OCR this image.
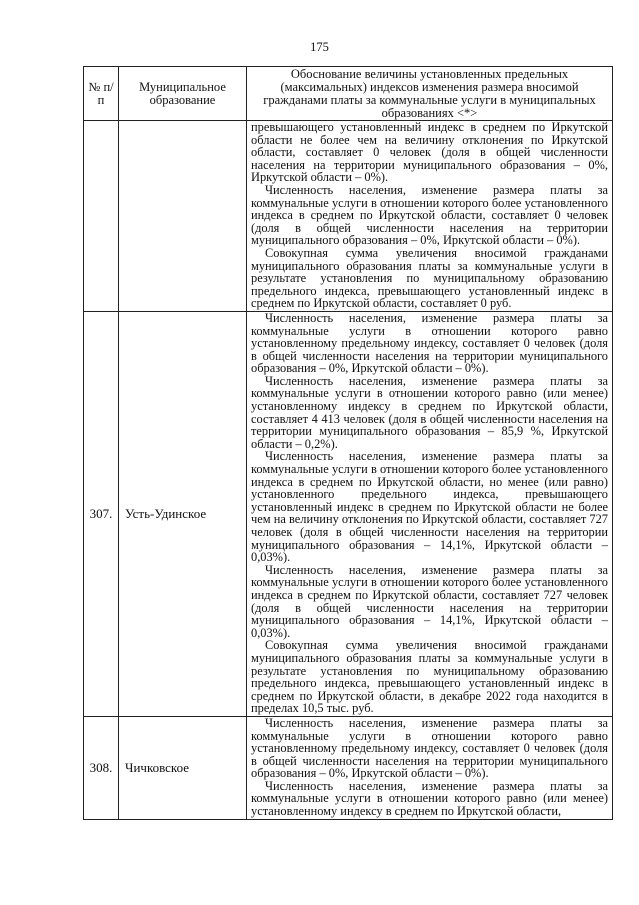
175
№ п/п	Муниципальное образование	Обоснование величины установленных предельных (максимальных) индексов изменения размера вносимой гражданами платы за коммунальные услуги в муниципальных образованиях <*>

		превышающего установленный индекс в среднем по Иркутской области не более чем на величину отклонения по Иркутской области, составляет 0 человек (доля в общей численности населения на территории муниципального образования – 0%, Иркутской области – 0%).

Численность населения, изменение размера платы за коммунальные услуги в отношении которого более установленного индекса в среднем по Иркутской области, составляет 0 человек (доля в общей численности населения на территории муниципального образования – 0%, Иркутской области – 0%).

Совокупная сумма увеличения вносимой гражданами муниципального образования платы за коммунальные услуги в результате установления по муниципальному образованию предельного индекса, превышающего установленный индекс в среднем по Иркутской области, составляет 0 руб.

307.	Усть-Удинское	Численность населения, изменение размера платы за коммунальные услуги в отношении которого равно установленному предельному индексу, составляет 0 человек (доля в общей численности населения на территории муниципального образования – 0%, Иркутской области – 0%).

Численность населения, изменение размера платы за коммунальные услуги в отношении которого равно (или менее) установленному индексу в среднем по Иркутской области, составляет 4 413 человек (доля в общей численности населения на территории муниципального образования – 85,9 %, Иркутской области – 0,2%).

Численность населения, изменение размера платы за коммунальные услуги в отношении которого более установленного индекса в среднем по Иркутской области, но менее (или равно) установленного предельного индекса, превышающего установленный индекс в среднем по Иркутской области не более чем на величину отклонения по Иркутской области, составляет 727 человек (доля в общей численности населения на территории муниципального образования – 14,1%, Иркутской области – 0,03%).

Численность населения, изменение размера платы за коммунальные услуги в отношении которого более установленного индекса в среднем по Иркутской области, составляет 727 человек (доля в общей численности населения на территории муниципального образования – 14,1%, Иркутской области – 0,03%).

Совокупная сумма увеличения вносимой гражданами муниципального образования платы за коммунальные услуги в результате установления по муниципальному образованию предельного индекса, превышающего установленный индекс в среднем по Иркутской области, в декабре 2022 года находится в пределах 10,5 тыс. руб.

308.	Чичковское	Численность населения, изменение размера платы за коммунальные услуги в отношении которого равно установленному предельному индексу, составляет 0 человек (доля в общей численности населения на территории муниципального образования – 0%, Иркутской области – 0%).

Численность населения, изменение размера платы за коммунальные услуги в отношении которого равно (или менее) установленному индексу в среднем по Иркутской области,
